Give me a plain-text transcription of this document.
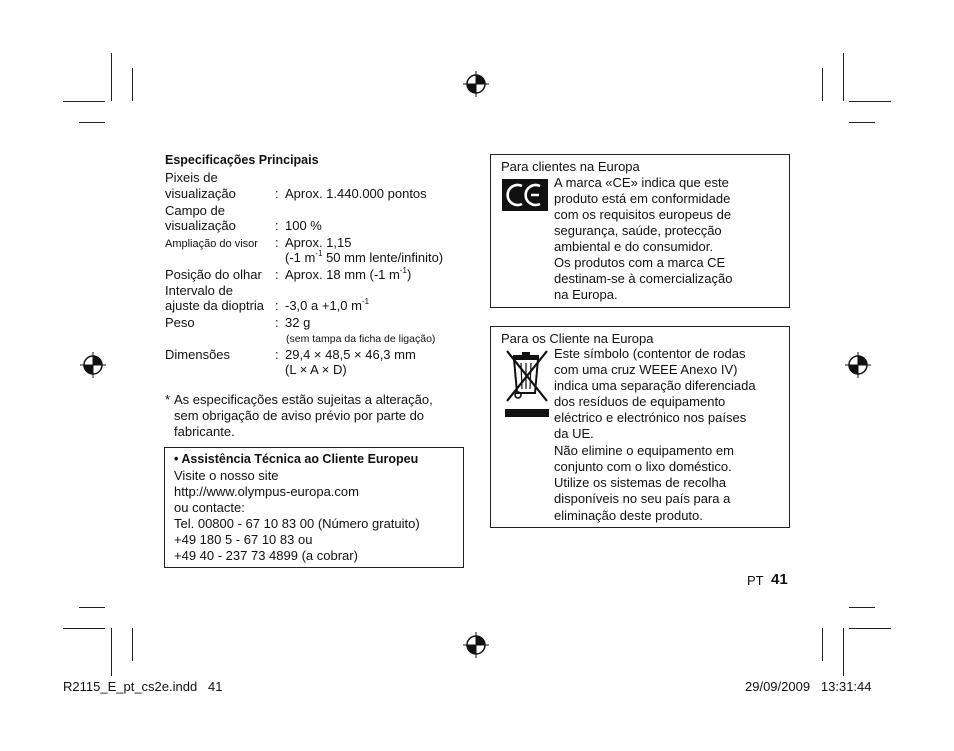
Especificações Principais
Pixeis de
visualização	: Aprox. 1.440.000 pontos
Campo de
visualização	: 100 %
Ampliação do visor : Aprox. 1,15
(-1 $m^{-1}$ 50 mm lente/infinito)
Posição do olhar : Aprox. 18 mm (-1 $m^{-1}$)
Intervalo de
ajuste da dioptria : -3,0 a +1,0 $m^{-1}$
Peso	: 32 g
(sem tampa da ficha de ligação)
Dimensões	: 29,4 × 48,5 × 46,3 mm
(L × A × D)
* As especificações estão sujeitas a alteração,
sem obrigação de aviso prévio por parte do
fabricante.
• Assistência Técnica ao Cliente Europeu
Visite o nosso site
http://www.olympus-europa.com
ou contacte:
Tel. 00800 - 67 10 83 00 (Número gratuito)
+49 180 5 - 67 10 83 ou
+49 40 - 237 73 4899 (a cobrar)
Para clientes na Europa
A marca «CE» indica que este
produto está em conformidade
com os requisitos europeus de
segurança, saúde, protecção
ambiental e do consumidor.
Os produtos com a marca CE
destinam-se à comercialização
na Europa.
Para os Cliente na Europa
Este símbolo (contentor de rodas
com uma cruz WEEE Anexo IV)
indica uma separação diferenciada
dos resíduos de equipamento
eléctrico e electrónico nos países
da UE.
Não elimine o equipamento em
conjunto com o lixo doméstico.
Utilize os sistemas de recolha
disponíveis no seu país para a
eliminação deste produto.
PT 41
R2115_E_pt_cs2e.indd   41	29/09/2009   13:31:44
